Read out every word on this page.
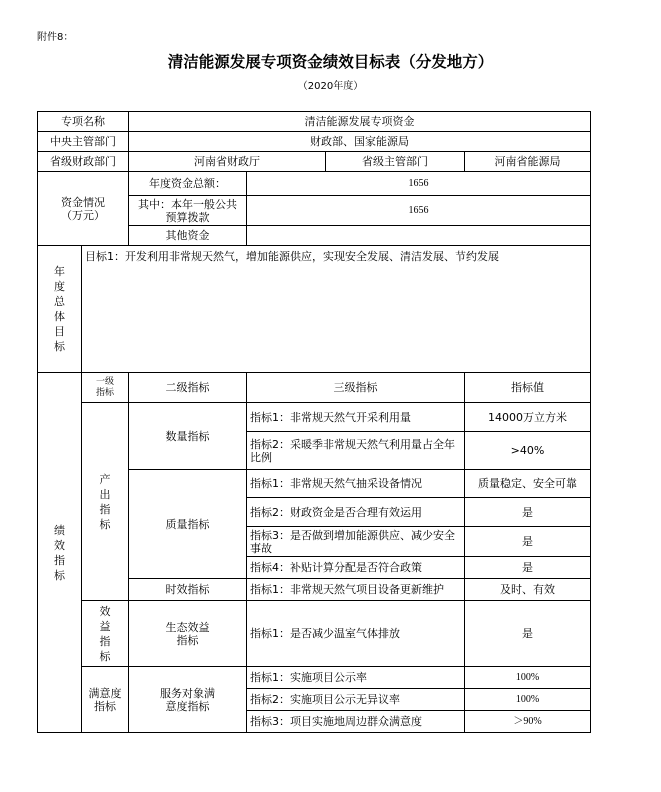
附件8：
清洁能源发展专项资金绩效目标表（分发地方）
（2020年度）
专项名称		清洁能源发展专项资金			
中央主管部门		财政部、国家能源局			
省级财政部门		河南省财政厅		省级主管部门	河南省能源局
资金情况（万元）		年度资金总额：	1656		
		其中：本年一般公共预算拨款	1656		
		其他资金			
年度总体目标	目标1：开发利用非常规天然气，增加能源供应，实现安全发展、清洁发展、节约发展				
绩效指标	一级指标	二级指标	三级指标		指标值
	产出指标	数量指标	指标1：非常规天然气开采利用量		14000万立方米
			指标2：采暖季非常规天然气利用量占全年比例		>40%
		质量指标	指标1：非常规天然气抽采设备情况		质量稳定、安全可靠
			指标2：财政资金是否合理有效运用		是
			指标3：是否做到增加能源供应、减少安全事故		是
			指标4：补贴计算分配是否符合政策		是
		时效指标	指标1：非常规天然气项目设备更新维护		及时、有效
	效益指标	生态效益指标	指标1：是否减少温室气体排放		是
	满意度指标	服务对象满意度指标	指标1：实施项目公示率		100%
			指标2：实施项目公示无异议率		100%
			指标3：项目实施地周边群众满意度		＞90%
